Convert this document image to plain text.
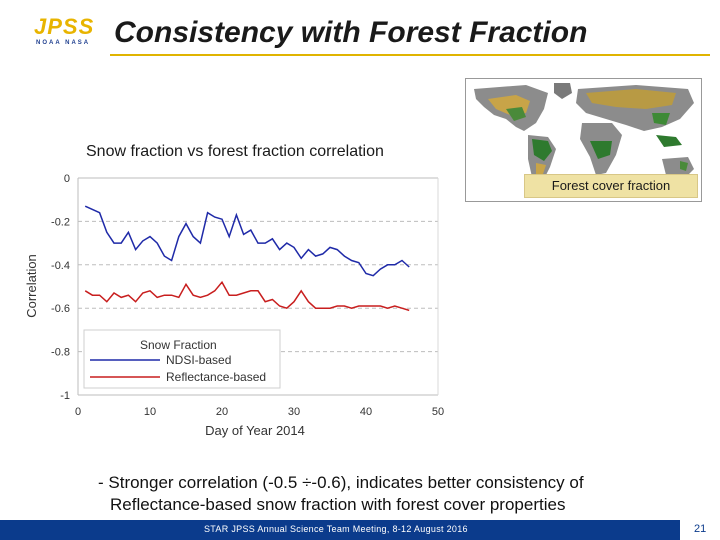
JPSS
NOAA NASA Consistency with Forest Fraction
Forest cover fraction
Snow fraction vs forest fraction correlation
0
-0.2
-0.4
-0.6
-0.8
-1
0	10	20	30	40	50
Snow Fraction
NDSI-based
Reflectance-based
Day of Year 2014
Correlation
- Stronger correlation (-0.5 ÷-0.6), indicates better consistency of
Reflectance-based snow fraction with forest cover properties
STAR JPSS Annual Science Team Meeting, 8-12 August 2016	21
